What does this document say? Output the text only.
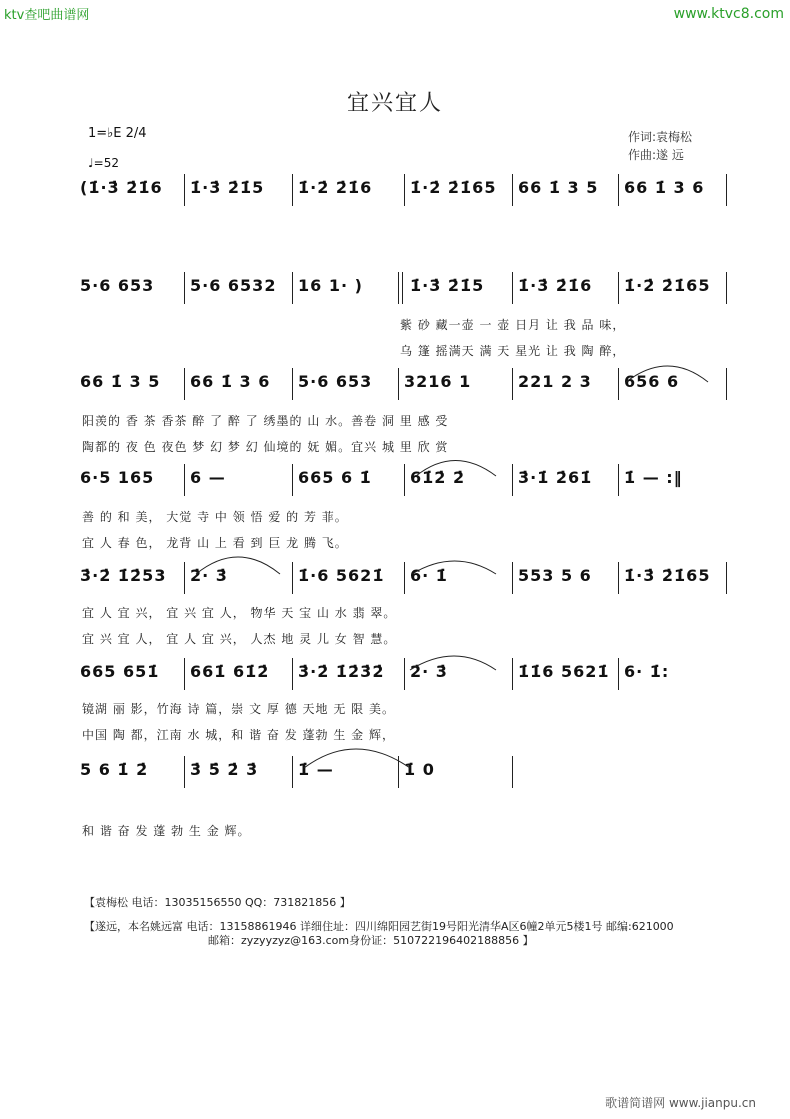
ktv查吧曲谱网	www.ktvc8.com
宜兴宜人
1=♭E 2/4
♩=52
作词:袁梅松
作曲:遂 远
(1̇·3̇ 2̇1̇6 1̇·3̇ 2̇1̇5 1̇·2̇ 2̇1̇6 1̇·2̇ 2̇1̇65 66 1̇ 3 5 66 1̇ 3 6
5·6 653 5·6 6532 16 1· )	1̇·3̇ 2̇1̇5 1̇·3̇ 2̇1̇6 1̇·2̇ 2̇1̇65
紫 砂 藏一壶 一 壶 日月 让 我 品 味，
乌 篷 摇满天 满 天 星光 让 我 陶 醉，
66 1̇ 3 5 66 1̇ 3 6 5·6 653 3216 1	221 2 3 656 6
阳羡的 香 茶 香茶 醉 了 醉 了 绣墨的 山 水。善卷 洞 里 感 受
陶都的 夜 色 夜色 梦 幻 梦 幻 仙境的 妩 媚。宜兴 城 里 欣 赏
6·5 165 6 —	665 6 1̇ 61̇2̇ 2̇	3̇·1̇ 2̇61̇ 1̇ — :‖
善 的 和 美， 大觉 寺 中 领 悟 爱 的 芳 菲。
宜 人 春 色， 龙背 山 上 看 到 巨 龙 腾 飞。
3̇·2̇ 1̇2̇53 2̇· 3̇	1̇·6 5621̇ 6· 1̇	553 5 6 1̇·3̇ 2̇1̇65
宜 人 宜 兴， 宜 兴 宜 人， 物华 天 宝 山 水 翡 翠。
宜 兴 宜 人， 宜 人 宜 兴， 人杰 地 灵 儿 女 智 慧。
665 651̇ 661̇ 61̇2̇ 3̇·2̇ 1̇2̇3̇2̇ 2̇· 3̇	1̇1̇6 5621̇ 6· 1̇:
镜湖 丽 影，竹海 诗 篇，崇 文 厚 德 天地 无 限 美。
中国 陶 都，江南 水 城，和 谐 奋 发 蓬勃 生 金 辉，
5 6 1̇ 2̇	3̇ 5̇ 2̇ 3̇ 1̇ —	1̇ 0
和 谐 奋 发 蓬 勃 生 金 辉。
【袁梅松 电话：13035156550 QQ：731821856 】
【遂远，本名姚远富 电话：13158861946 详细住址：四川绵阳园艺街19号阳光清华A区6幢2单元5楼1号 邮编:621000
邮箱：zyzyyzyz@163.com身份证：510722196402188856 】
歌谱简谱网 www.jianpu.cn
